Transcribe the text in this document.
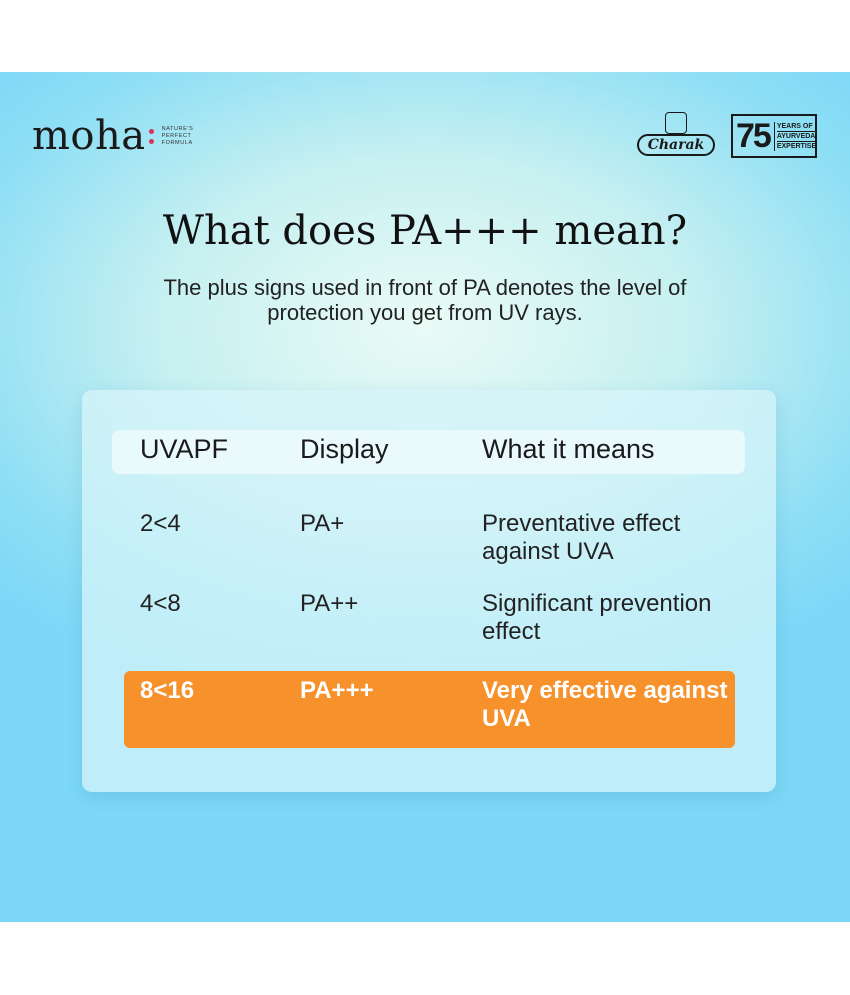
moha	NATURE'S
PERFECT
FORMULA	Charak 75 YEARS OF
AYURVEDA
EXPERTISE
What does PA+++ mean?

The plus signs used in front of PA denotes the level of protection you get from UV rays.

UVAPF	Display	What it means
2<4	PA+	Preventative effect against UVA
4<8	PA++	Significant prevention effect
8<16	PA+++	Very effective against UVA
